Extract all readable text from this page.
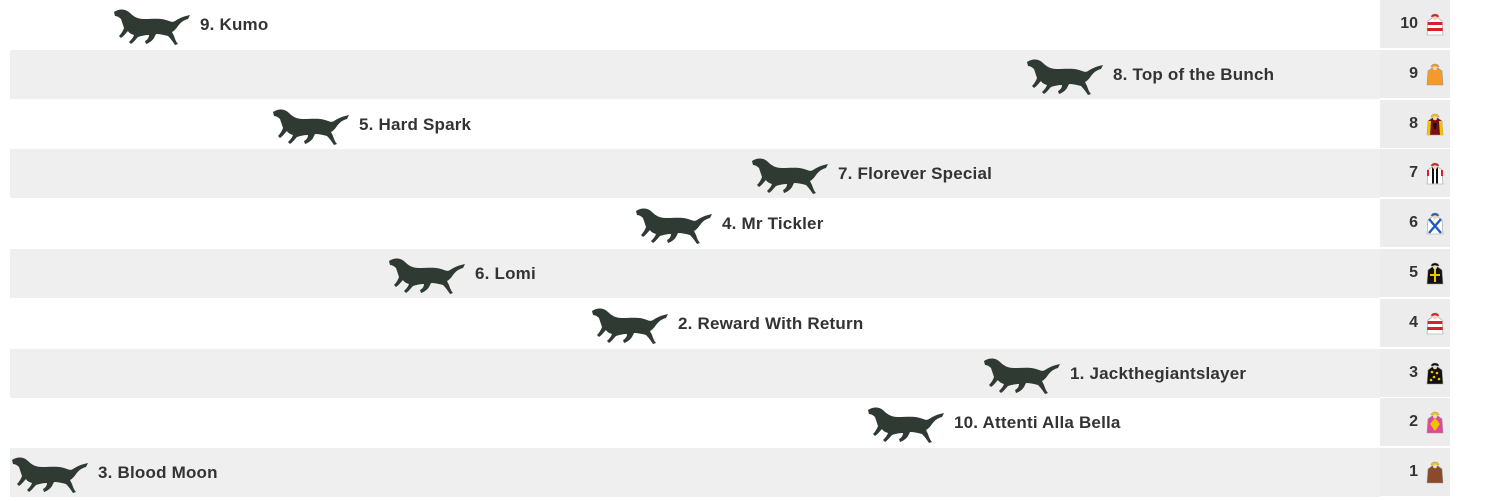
9. Kumo	10
8. Top of the Bunch	9
5. Hard Spark	8
7. Florever Special	7
4. Mr Tickler	6
6. Lomi	5
2. Reward With Return	4
1. Jackthegiantslayer	3
10. Attenti Alla Bella	2
3. Blood Moon	1
